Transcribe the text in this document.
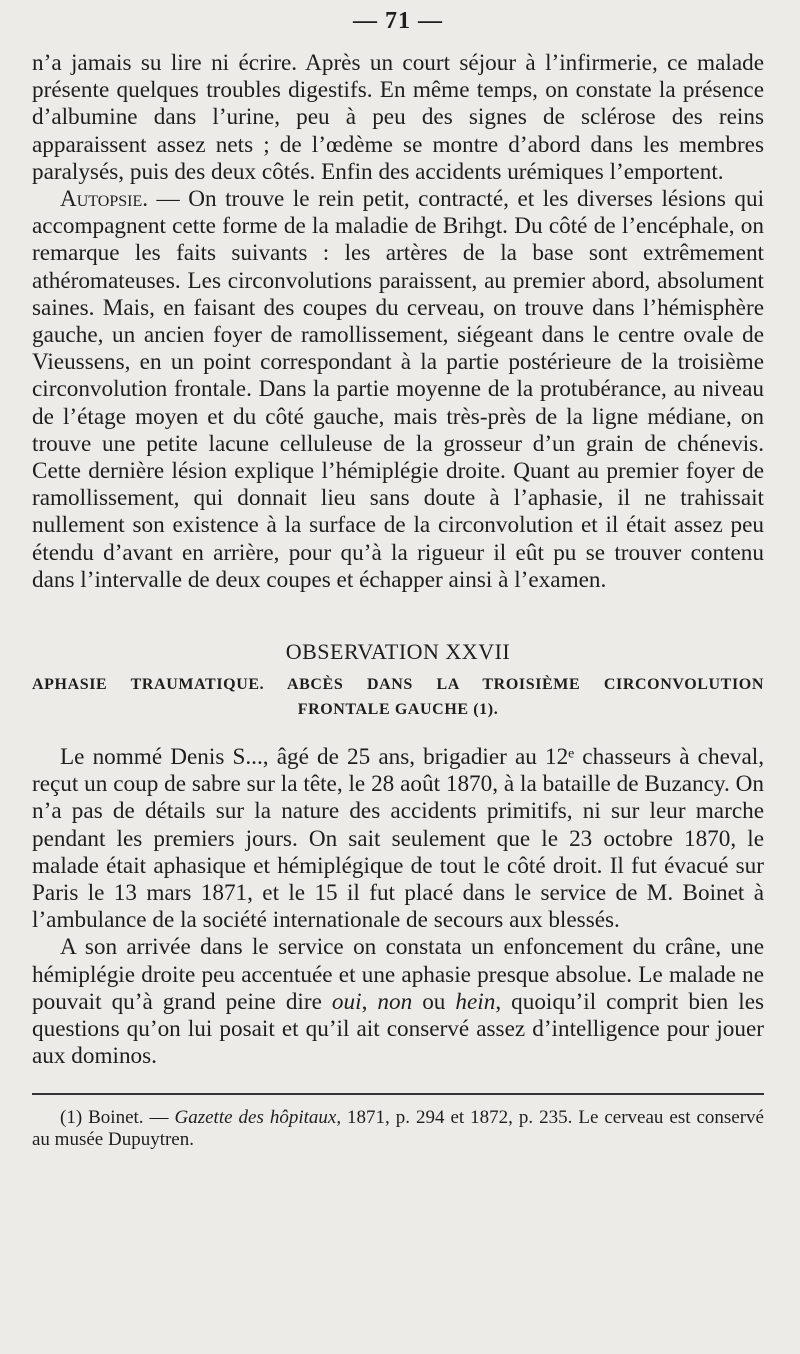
— 71 —

n’a jamais su lire ni écrire. Après un court séjour à l’infirmerie, ce malade présente quelques troubles digestifs. En même temps, on constate la présence d’albumine dans l’urine, peu à peu des signes de sclérose des reins apparaissent assez nets ; de l’œdème se montre d’abord dans les membres paralysés, puis des deux côtés. Enfin des accidents urémiques l’emportent.

Autopsie. — On trouve le rein petit, contracté, et les diverses lésions qui accompagnent cette forme de la maladie de Brihgt. Du côté de l’encéphale, on remarque les faits suivants : les artères de la base sont extrêmement athéromateuses. Les circonvolutions paraissent, au premier abord, absolument saines. Mais, en faisant des coupes du cerveau, on trouve dans l’hémisphère gauche, un ancien foyer de ramollissement, siégeant dans le centre ovale de Vieussens, en un point correspondant à la partie postérieure de la troisième circonvolution frontale. Dans la partie moyenne de la protubérance, au niveau de l’étage moyen et du côté gauche, mais très-près de la ligne médiane, on trouve une petite lacune celluleuse de la grosseur d’un grain de chénevis. Cette dernière lésion explique l’hémiplégie droite. Quant au premier foyer de ramollissement, qui donnait lieu sans doute à l’aphasie, il ne trahissait nullement son existence à la surface de la circonvolution et il était assez peu étendu d’avant en arrière, pour qu’à la rigueur il eût pu se trouver contenu dans l’intervalle de deux coupes et échapper ainsi à l’examen.

OBSERVATION XXVII
APHASIE TRAUMATIQUE. ABCÈS DANS LA TROISIÈME CIRCONVOLUTION
FRONTALE GAUCHE (1).

Le nommé Denis S..., âgé de 25 ans, brigadier au 12ᵉ chasseurs à cheval, reçut un coup de sabre sur la tête, le 28 août 1870, à la bataille de Buzancy. On n’a pas de détails sur la nature des accidents primitifs, ni sur leur marche pendant les premiers jours. On sait seulement que le 23 octobre 1870, le malade était aphasique et hémiplégique de tout le côté droit. Il fut évacué sur Paris le 13 mars 1871, et le 15 il fut placé dans le service de M. Boinet à l’ambulance de la société internationale de secours aux blessés.

A son arrivée dans le service on constata un enfoncement du crâne, une hémiplégie droite peu accentuée et une aphasie presque absolue. Le malade ne pouvait qu’à grand peine dire oui, non ou hein, quoiqu’il comprit bien les questions qu’on lui posait et qu’il ait conservé assez d’intelligence pour jouer aux dominos.

(1) Boinet. — Gazette des hôpitaux, 1871, p. 294 et 1872, p. 235. Le cerveau est conservé au musée Dupuytren.
